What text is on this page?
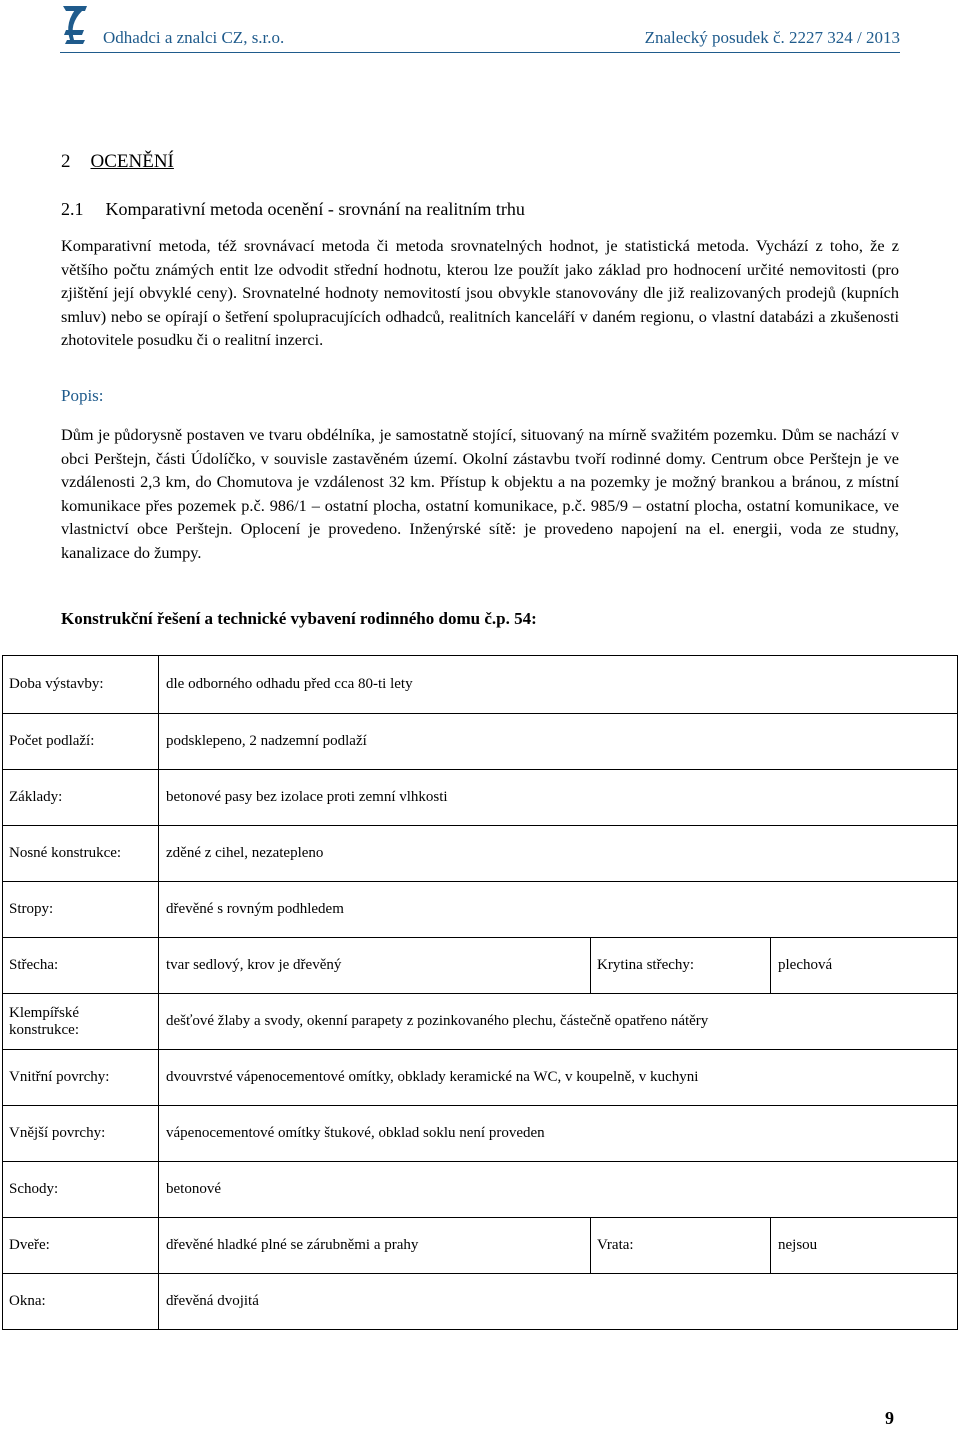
Odhadci a znalci CZ, s.r.o.	Znalecký posudek č. 2227 324 / 2013
2 OCENĚNÍ
2.1 Komparativní metoda ocenění - srovnání na realitním trhu

Komparativní metoda, též srovnávací metoda či metoda srovnatelných hodnot, je statistická metoda. Vychází z toho, že z většího počtu známých entit lze odvodit střední hodnotu, kterou lze použít jako základ pro hodnocení určité nemovitosti (pro zjištění její obvyklé ceny). Srovnatelné hodnoty nemovitostí jsou obvykle stanovovány dle již realizovaných prodejů (kupních smluv) nebo se opírají o šetření spolupracujících odhadců, realitních kanceláří v daném regionu, o vlastní databázi a zkušenosti zhotovitele posudku či o realitní inzerci.

Popis:

Dům je půdorysně postaven ve tvaru obdélníka, je samostatně stojící, situovaný na mírně svažitém pozemku. Dům se nachází v obci Perštejn, části Údolíčko, v souvisle zastavěném území. Okolní zástavbu tvoří rodinné domy. Centrum obce Perštejn je ve vzdálenosti 2,3 km, do Chomutova je vzdálenost 32 km. Přístup k objektu a na pozemky je možný brankou a bránou, z místní komunikace přes pozemek p.č. 986/1 – ostatní plocha, ostatní komunikace, p.č. 985/9 – ostatní plocha, ostatní komunikace, ve vlastnictví obce Perštejn. Oplocení je provedeno. Inženýrské sítě: je provedeno napojení na el. energii, voda ze studny, kanalizace do žumpy.

Konstrukční řešení a technické vybavení rodinného domu č.p. 54:
Doba výstavby:	dle odborného odhadu před cca 80-ti lety		
Počet podlaží:	podsklepeno, 2 nadzemní podlaží		
Základy:	betonové pasy bez izolace proti zemní vlhkosti		
Nosné konstrukce:	zděné z cihel, nezatepleno		
Stropy:	dřevěné s rovným podhledem		
Střecha:	tvar sedlový, krov je dřevěný	Krytina střechy:	plechová
Klempířské konstrukce:	dešťové žlaby a svody, okenní parapety z pozinkovaného plechu, částečně opatřeno nátěry		
Vnitřní povrchy:	dvouvrstvé vápenocementové omítky, obklady keramické na WC, v koupelně, v kuchyni		
Vnější povrchy:	vápenocementové omítky štukové, obklad soklu není proveden		
Schody:	betonové		
Dveře:	dřevěné hladké plné se zárubněmi a prahy	Vrata:	nejsou
Okna:	dřevěná dvojitá		
9
